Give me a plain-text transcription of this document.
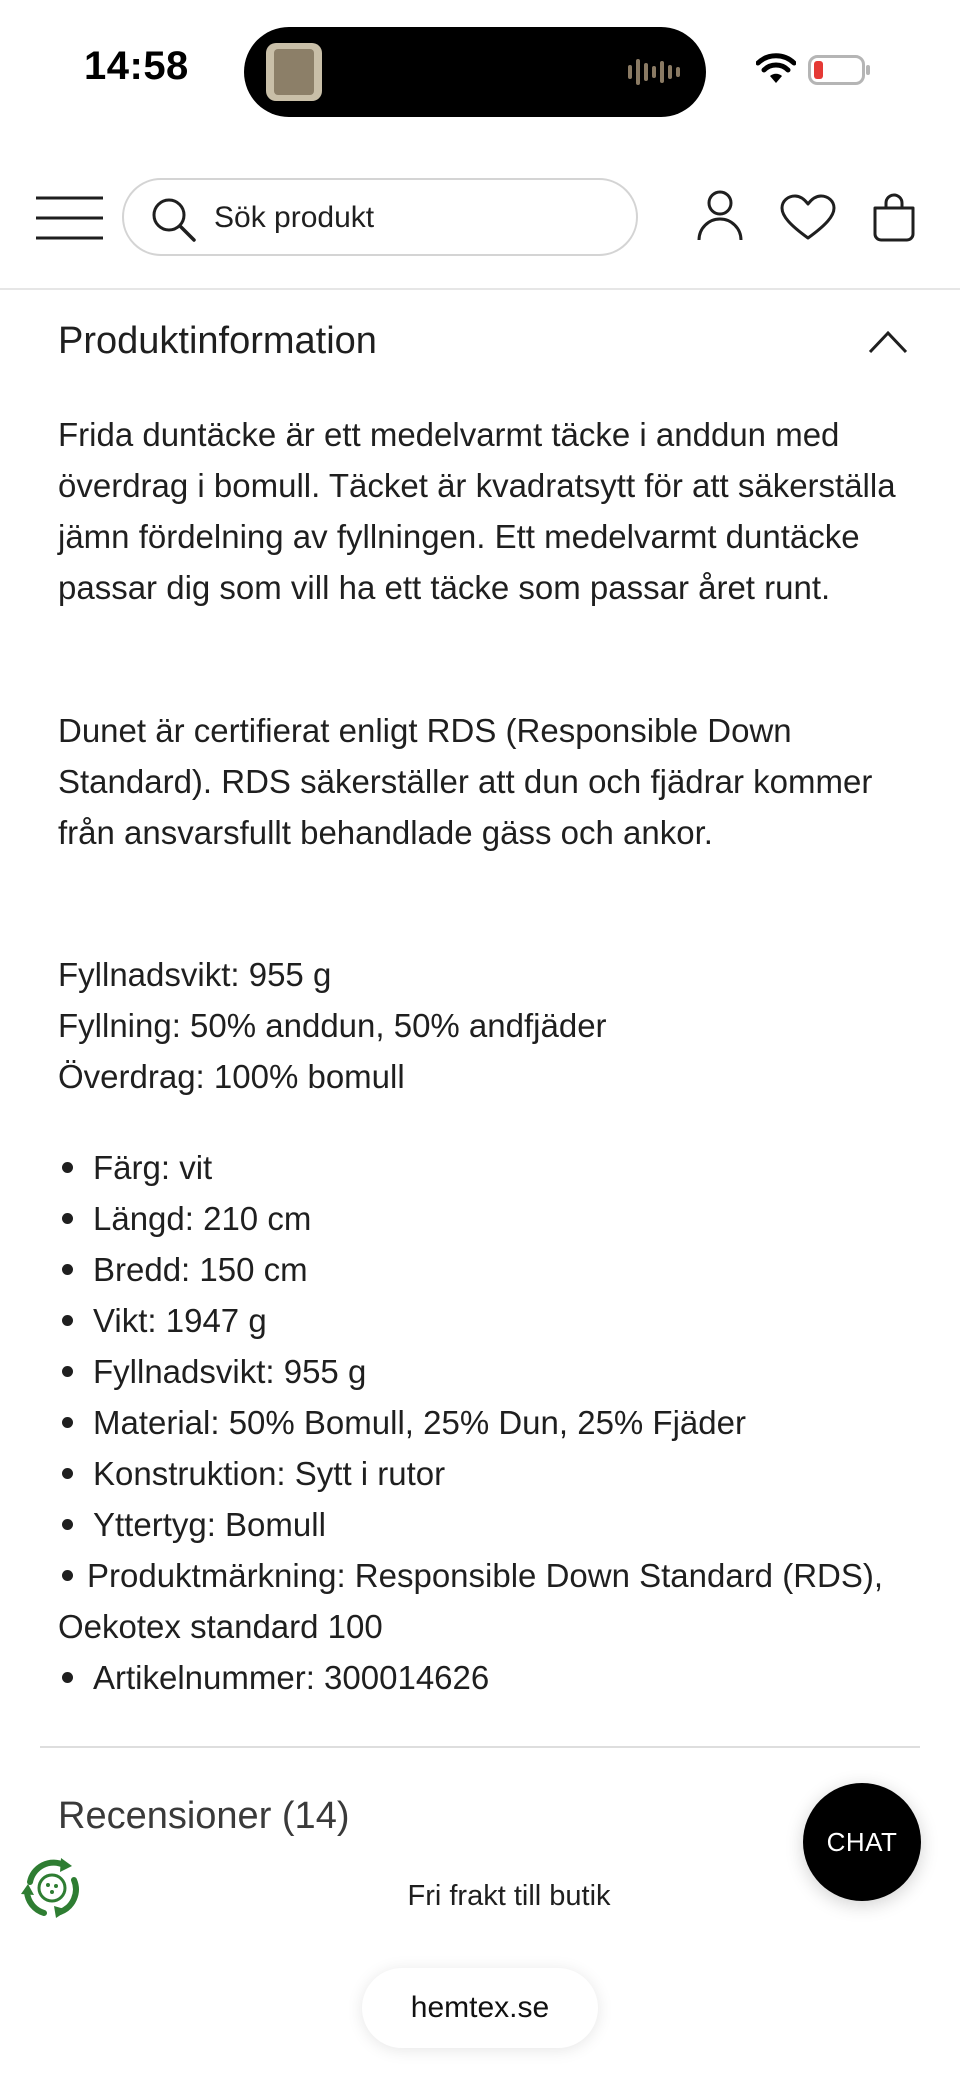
14:58
Sök produkt
Produktinformation

Frida duntäcke är ett medelvarmt täcke i anddun med överdrag i bomull. Täcket är kvadratsytt för att säkerställa jämn fördelning av fyllningen. Ett medelvarmt duntäcke passar dig som vill ha ett täcke som passar året runt.

Dunet är certifierat enligt RDS (Responsible Down Standard). RDS säkerställer att dun och fjädrar kommer från ansvarsfullt behandlade gäss och ankor.

Fyllnadsvikt: 955 g
Fyllning: 50% anddun, 50% andfjäder
Överdrag: 100% bomull
Färg: vit
Längd: 210 cm
Bredd: 150 cm
Vikt: 1947 g
Fyllnadsvikt: 955 g
Material: 50% Bomull, 25% Dun, 25% Fjäder
Konstruktion: Sytt i rutor
Yttertyg: Bomull
Produktmärkning: Responsible Down Standard (RDS), Oekotex standard 100
Artikelnummer: 300014626
Recensioner (14)
Fri frakt till butik
CHAT
hemtex.se
